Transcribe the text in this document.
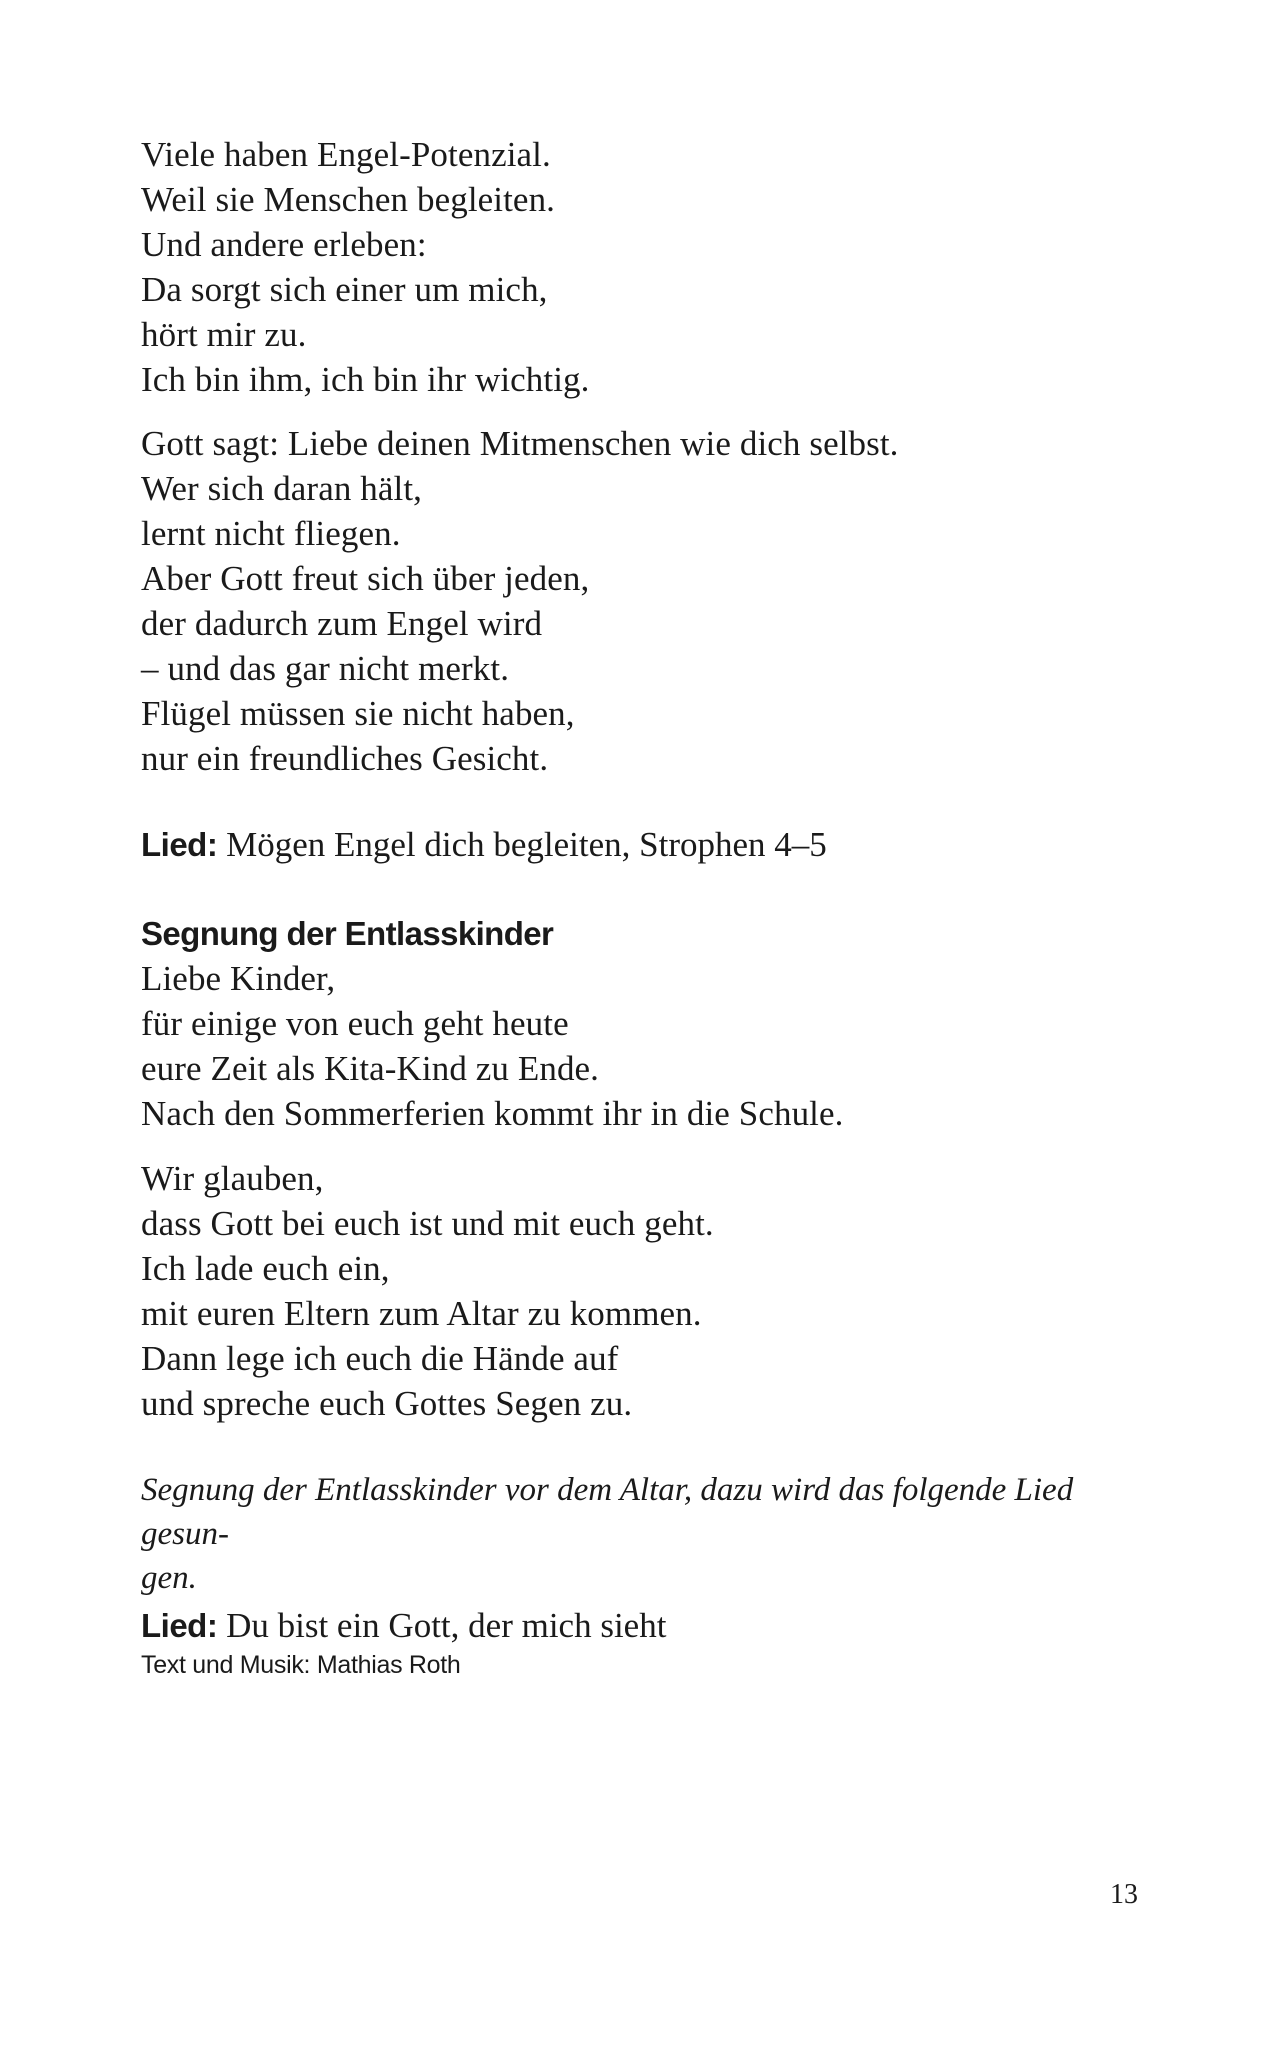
Viele haben Engel-Potenzial.
Weil sie Menschen begleiten.
Und andere erleben:
Da sorgt sich einer um mich,
hört mir zu.
Ich bin ihm, ich bin ihr wichtig.
Gott sagt: Liebe deinen Mitmenschen wie dich selbst.
Wer sich daran hält,
lernt nicht fliegen.
Aber Gott freut sich über jeden,
der dadurch zum Engel wird
– und das gar nicht merkt.
Flügel müssen sie nicht haben,
nur ein freundliches Gesicht.
Lied: Mögen Engel dich begleiten, Strophen 4–5
Segnung der Entlasskinder
Liebe Kinder,
für einige von euch geht heute
eure Zeit als Kita-Kind zu Ende.
Nach den Sommerferien kommt ihr in die Schule.
Wir glauben,
dass Gott bei euch ist und mit euch geht.
Ich lade euch ein,
mit euren Eltern zum Altar zu kommen.
Dann lege ich euch die Hände auf
und spreche euch Gottes Segen zu.
Segnung der Entlasskinder vor dem Altar, dazu wird das folgende Lied gesun-
gen.
Lied: Du bist ein Gott, der mich sieht
Text und Musik: Mathias Roth
13
